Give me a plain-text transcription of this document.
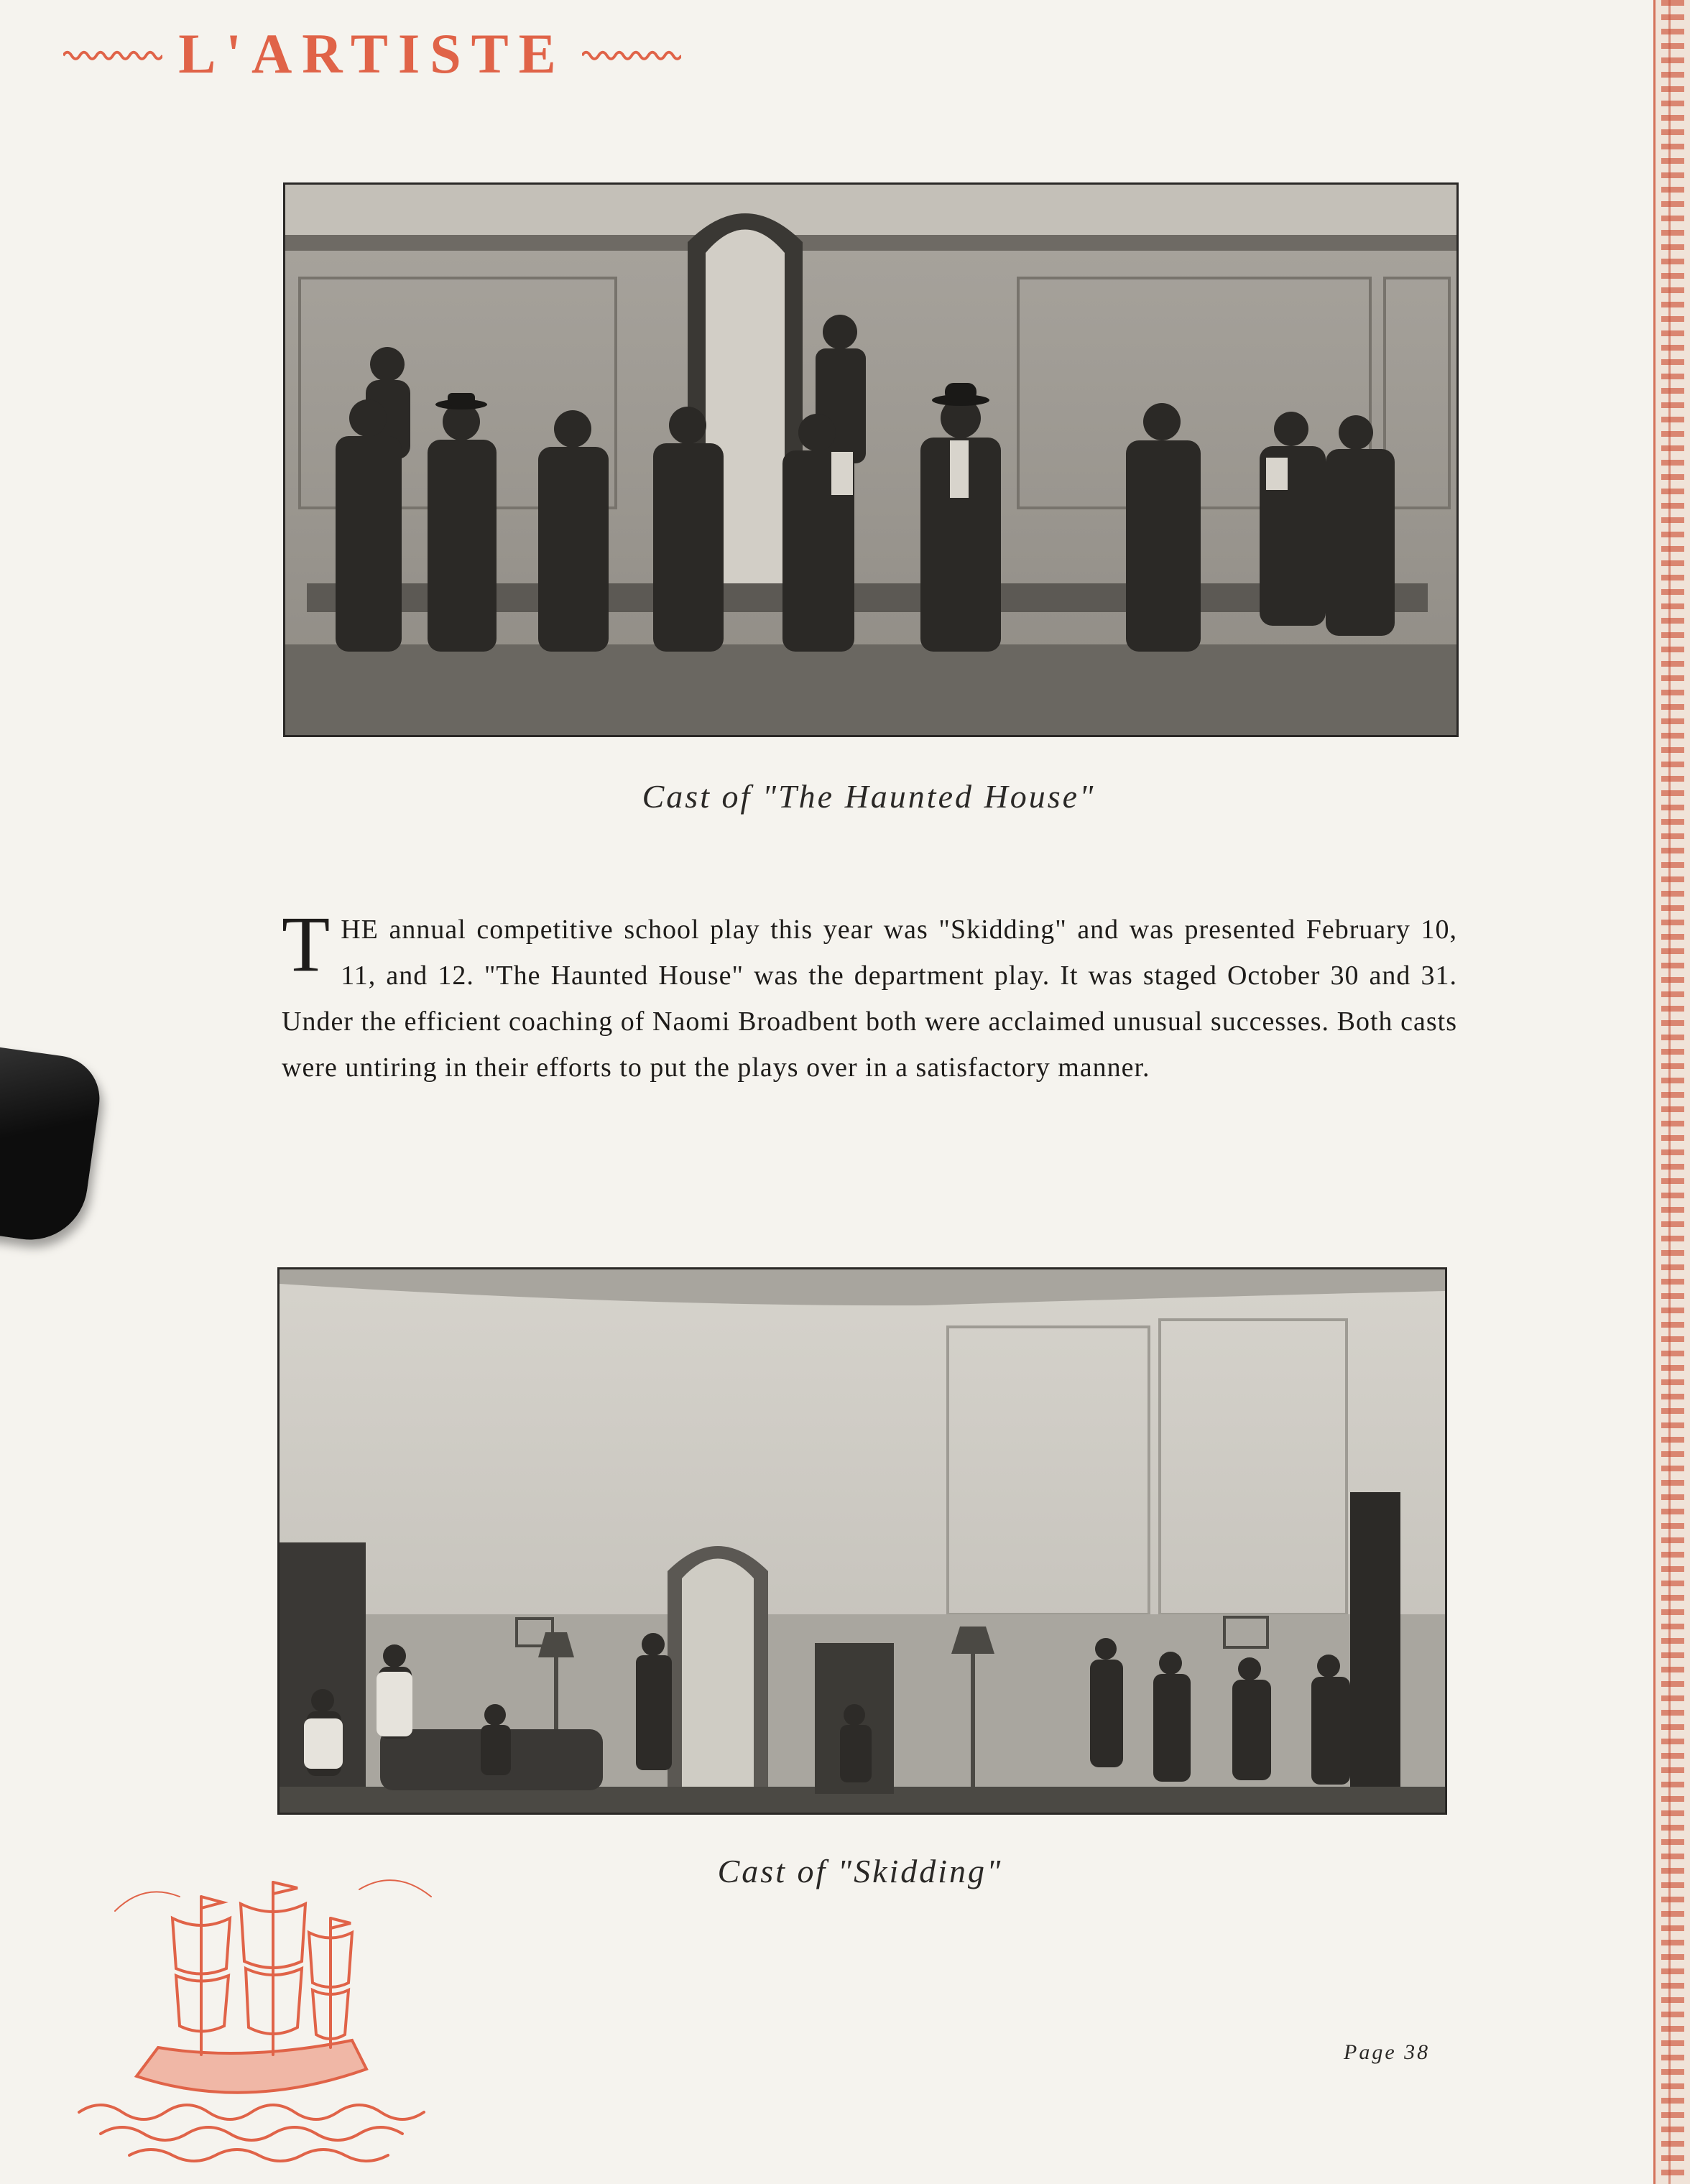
L'ARTISTE
Cast of "The Haunted House"
T HE annual competitive school play this year was "Skidding" and was presented February 10, 11, and 12. "The Haunted House" was the department play. It was staged October 30 and 31. Under the efficient coaching of Naomi Broadbent both were acclaimed unusual successes. Both casts were untiring in their efforts to put the plays over in a satisfactory manner.
Cast of "Skidding"
Page 38
